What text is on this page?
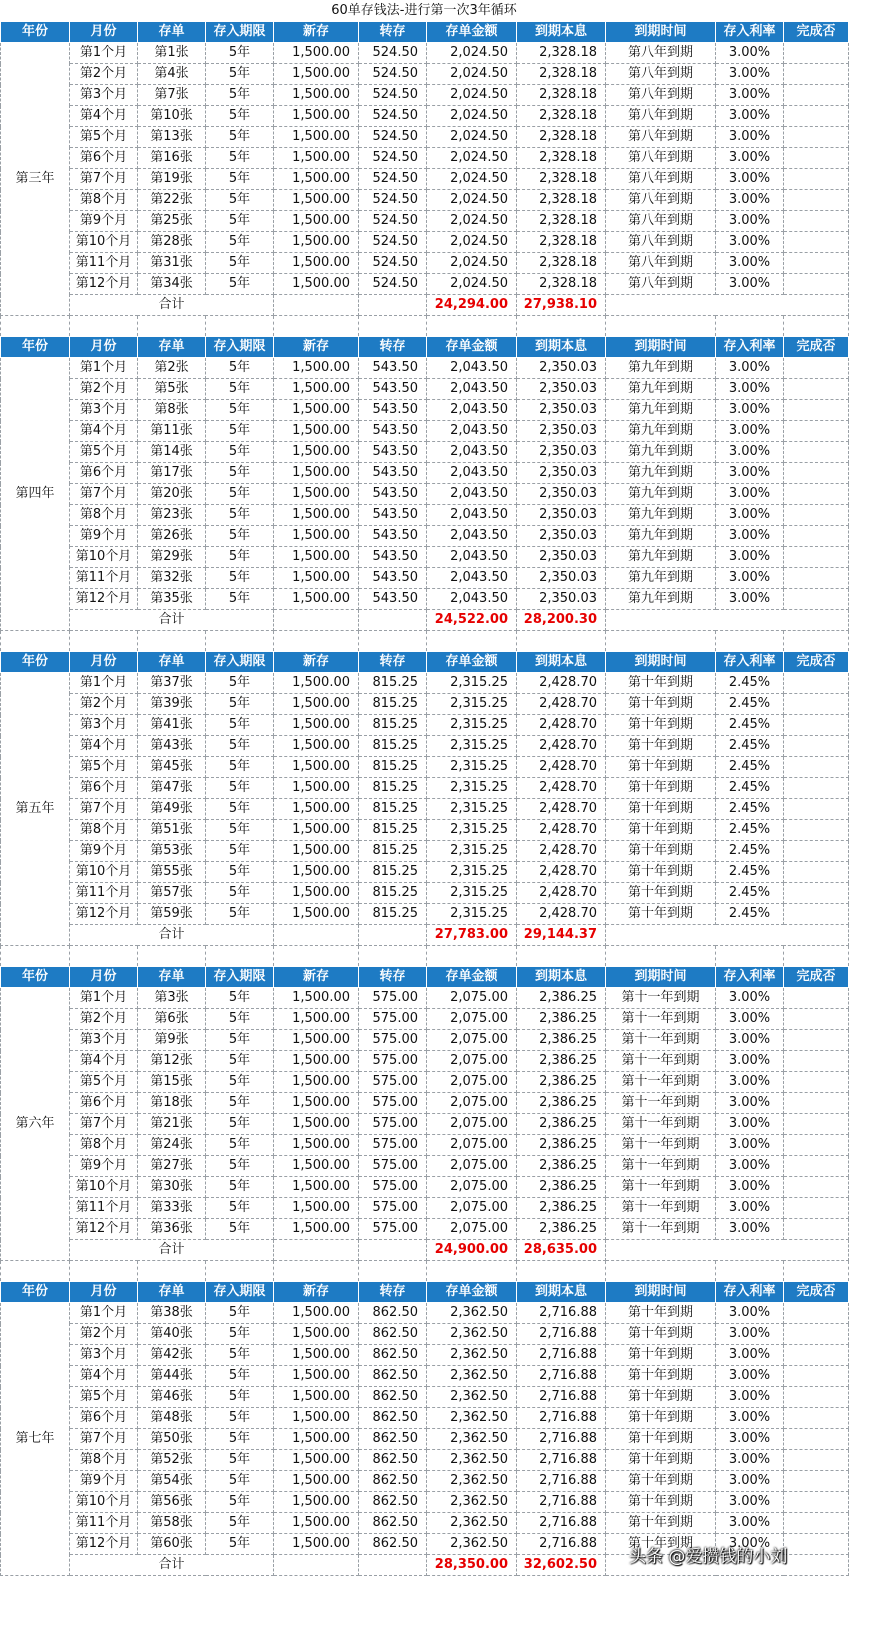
60单存钱法-进行第一次3年循环
年份	月份	存单	存入期限	新存	转存	存单金额	到期本息	到期时间	存入利率	完成否
第三年	第1个月	第1张	5年	1,500.00	524.50	2,024.50	2,328.18	第八年到期	3.00%	
	第2个月	第4张	5年	1,500.00	524.50	2,024.50	2,328.18	第八年到期	3.00%	
	第3个月	第7张	5年	1,500.00	524.50	2,024.50	2,328.18	第八年到期	3.00%	
	第4个月	第10张	5年	1,500.00	524.50	2,024.50	2,328.18	第八年到期	3.00%	
	第5个月	第13张	5年	1,500.00	524.50	2,024.50	2,328.18	第八年到期	3.00%	
	第6个月	第16张	5年	1,500.00	524.50	2,024.50	2,328.18	第八年到期	3.00%	
	第7个月	第19张	5年	1,500.00	524.50	2,024.50	2,328.18	第八年到期	3.00%	
	第8个月	第22张	5年	1,500.00	524.50	2,024.50	2,328.18	第八年到期	3.00%	
	第9个月	第25张	5年	1,500.00	524.50	2,024.50	2,328.18	第八年到期	3.00%	
	第10个月	第28张	5年	1,500.00	524.50	2,024.50	2,328.18	第八年到期	3.00%	
	第11个月	第31张	5年	1,500.00	524.50	2,024.50	2,328.18	第八年到期	3.00%	
	第12个月	第34张	5年	1,500.00	524.50	2,024.50	2,328.18	第八年到期	3.00%	
	合计					24,294.00	27,938.10			

年份	月份	存单	存入期限	新存	转存	存单金额	到期本息	到期时间	存入利率	完成否
第四年	第1个月	第2张	5年	1,500.00	543.50	2,043.50	2,350.03	第九年到期	3.00%	
	第2个月	第5张	5年	1,500.00	543.50	2,043.50	2,350.03	第九年到期	3.00%	
	第3个月	第8张	5年	1,500.00	543.50	2,043.50	2,350.03	第九年到期	3.00%	
	第4个月	第11张	5年	1,500.00	543.50	2,043.50	2,350.03	第九年到期	3.00%	
	第5个月	第14张	5年	1,500.00	543.50	2,043.50	2,350.03	第九年到期	3.00%	
	第6个月	第17张	5年	1,500.00	543.50	2,043.50	2,350.03	第九年到期	3.00%	
	第7个月	第20张	5年	1,500.00	543.50	2,043.50	2,350.03	第九年到期	3.00%	
	第8个月	第23张	5年	1,500.00	543.50	2,043.50	2,350.03	第九年到期	3.00%	
	第9个月	第26张	5年	1,500.00	543.50	2,043.50	2,350.03	第九年到期	3.00%	
	第10个月	第29张	5年	1,500.00	543.50	2,043.50	2,350.03	第九年到期	3.00%	
	第11个月	第32张	5年	1,500.00	543.50	2,043.50	2,350.03	第九年到期	3.00%	
	第12个月	第35张	5年	1,500.00	543.50	2,043.50	2,350.03	第九年到期	3.00%	
	合计					24,522.00	28,200.30			

年份	月份	存单	存入期限	新存	转存	存单金额	到期本息	到期时间	存入利率	完成否
第五年	第1个月	第37张	5年	1,500.00	815.25	2,315.25	2,428.70	第十年到期	2.45%	
	第2个月	第39张	5年	1,500.00	815.25	2,315.25	2,428.70	第十年到期	2.45%	
	第3个月	第41张	5年	1,500.00	815.25	2,315.25	2,428.70	第十年到期	2.45%	
	第4个月	第43张	5年	1,500.00	815.25	2,315.25	2,428.70	第十年到期	2.45%	
	第5个月	第45张	5年	1,500.00	815.25	2,315.25	2,428.70	第十年到期	2.45%	
	第6个月	第47张	5年	1,500.00	815.25	2,315.25	2,428.70	第十年到期	2.45%	
	第7个月	第49张	5年	1,500.00	815.25	2,315.25	2,428.70	第十年到期	2.45%	
	第8个月	第51张	5年	1,500.00	815.25	2,315.25	2,428.70	第十年到期	2.45%	
	第9个月	第53张	5年	1,500.00	815.25	2,315.25	2,428.70	第十年到期	2.45%	
	第10个月	第55张	5年	1,500.00	815.25	2,315.25	2,428.70	第十年到期	2.45%	
	第11个月	第57张	5年	1,500.00	815.25	2,315.25	2,428.70	第十年到期	2.45%	
	第12个月	第59张	5年	1,500.00	815.25	2,315.25	2,428.70	第十年到期	2.45%	
	合计					27,783.00	29,144.37			

年份	月份	存单	存入期限	新存	转存	存单金额	到期本息	到期时间	存入利率	完成否
第六年	第1个月	第3张	5年	1,500.00	575.00	2,075.00	2,386.25	第十一年到期	3.00%	
	第2个月	第6张	5年	1,500.00	575.00	2,075.00	2,386.25	第十一年到期	3.00%	
	第3个月	第9张	5年	1,500.00	575.00	2,075.00	2,386.25	第十一年到期	3.00%	
	第4个月	第12张	5年	1,500.00	575.00	2,075.00	2,386.25	第十一年到期	3.00%	
	第5个月	第15张	5年	1,500.00	575.00	2,075.00	2,386.25	第十一年到期	3.00%	
	第6个月	第18张	5年	1,500.00	575.00	2,075.00	2,386.25	第十一年到期	3.00%	
	第7个月	第21张	5年	1,500.00	575.00	2,075.00	2,386.25	第十一年到期	3.00%	
	第8个月	第24张	5年	1,500.00	575.00	2,075.00	2,386.25	第十一年到期	3.00%	
	第9个月	第27张	5年	1,500.00	575.00	2,075.00	2,386.25	第十一年到期	3.00%	
	第10个月	第30张	5年	1,500.00	575.00	2,075.00	2,386.25	第十一年到期	3.00%	
	第11个月	第33张	5年	1,500.00	575.00	2,075.00	2,386.25	第十一年到期	3.00%	
	第12个月	第36张	5年	1,500.00	575.00	2,075.00	2,386.25	第十一年到期	3.00%	
	合计					24,900.00	28,635.00			

年份	月份	存单	存入期限	新存	转存	存单金额	到期本息	到期时间	存入利率	完成否
第七年	第1个月	第38张	5年	1,500.00	862.50	2,362.50	2,716.88	第十年到期	3.00%	
	第2个月	第40张	5年	1,500.00	862.50	2,362.50	2,716.88	第十年到期	3.00%	
	第3个月	第42张	5年	1,500.00	862.50	2,362.50	2,716.88	第十年到期	3.00%	
	第4个月	第44张	5年	1,500.00	862.50	2,362.50	2,716.88	第十年到期	3.00%	
	第5个月	第46张	5年	1,500.00	862.50	2,362.50	2,716.88	第十年到期	3.00%	
	第6个月	第48张	5年	1,500.00	862.50	2,362.50	2,716.88	第十年到期	3.00%	
	第7个月	第50张	5年	1,500.00	862.50	2,362.50	2,716.88	第十年到期	3.00%	
	第8个月	第52张	5年	1,500.00	862.50	2,362.50	2,716.88	第十年到期	3.00%	
	第9个月	第54张	5年	1,500.00	862.50	2,362.50	2,716.88	第十年到期	3.00%	
	第10个月	第56张	5年	1,500.00	862.50	2,362.50	2,716.88	第十年到期	3.00%	
	第11个月	第58张	5年	1,500.00	862.50	2,362.50	2,716.88	第十年到期	3.00%	
	第12个月	第60张	5年	1,500.00	862.50	2,362.50	2,716.88	第十年到期	3.00%	
	合计					28,350.00	32,602.50			头条 @爱攒钱的小刘
